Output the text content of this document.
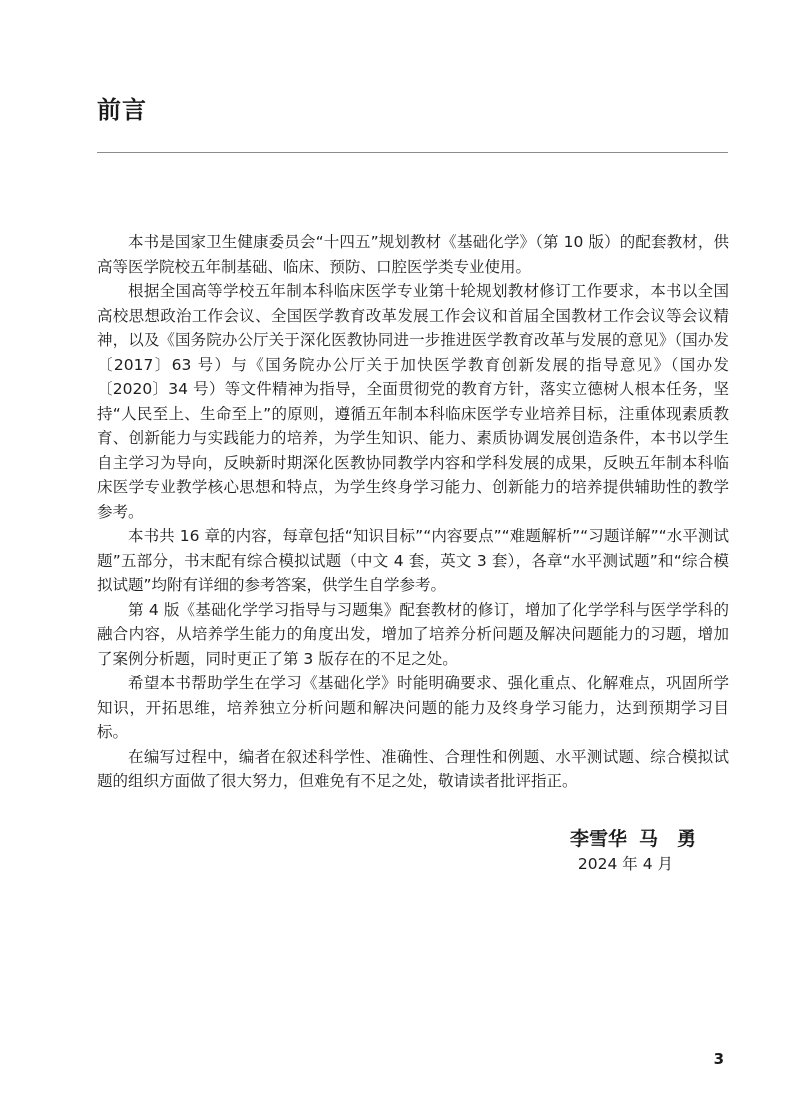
前言

本书是国家卫生健康委员会“十四五”规划教材《基础化学》（第 10 版）的配套教材，供高等医学院校五年制基础、临床、预防、口腔医学类专业使用。

根据全国高等学校五年制本科临床医学专业第十轮规划教材修订工作要求，本书以全国高校思想政治工作会议、全国医学教育改革发展工作会议和首届全国教材工作会议等会议精神，以及《国务院办公厅关于深化医教协同进一步推进医学教育改革与发展的意见》（国办发〔2017〕63 号）与《国务院办公厅关于加快医学教育创新发展的指导意见》（国办发〔2020〕34 号）等文件精神为指导，全面贯彻党的教育方针，落实立德树人根本任务，坚持“人民至上、生命至上”的原则，遵循五年制本科临床医学专业培养目标，注重体现素质教育、创新能力与实践能力的培养，为学生知识、能力、素质协调发展创造条件，本书以学生自主学习为导向，反映新时期深化医教协同教学内容和学科发展的成果，反映五年制本科临床医学专业教学核心思想和特点，为学生终身学习能力、创新能力的培养提供辅助性的教学参考。

本书共 16 章的内容，每章包括“知识目标”“内容要点”“难题解析”“习题详解”“水平测试题”五部分，书末配有综合模拟试题（中文 4 套，英文 3 套），各章“水平测试题”和“综合模拟试题”均附有详细的参考答案，供学生自学参考。

第 4 版《基础化学学习指导与习题集》配套教材的修订，增加了化学学科与医学学科的融合内容，从培养学生能力的角度出发，增加了培养分析问题及解决问题能力的习题，增加了案例分析题，同时更正了第 3 版存在的不足之处。

希望本书帮助学生在学习《基础化学》时能明确要求、强化重点、化解难点，巩固所学知识，开拓思维，培养独立分析问题和解决问题的能力及终身学习能力，达到预期学习目标。

在编写过程中，编者在叙述科学性、准确性、合理性和例题、水平测试题、综合模拟试题的组织方面做了很大努力，但难免有不足之处，敬请读者批评指正。

李雪华 马　勇
2024 年 4 月
3
